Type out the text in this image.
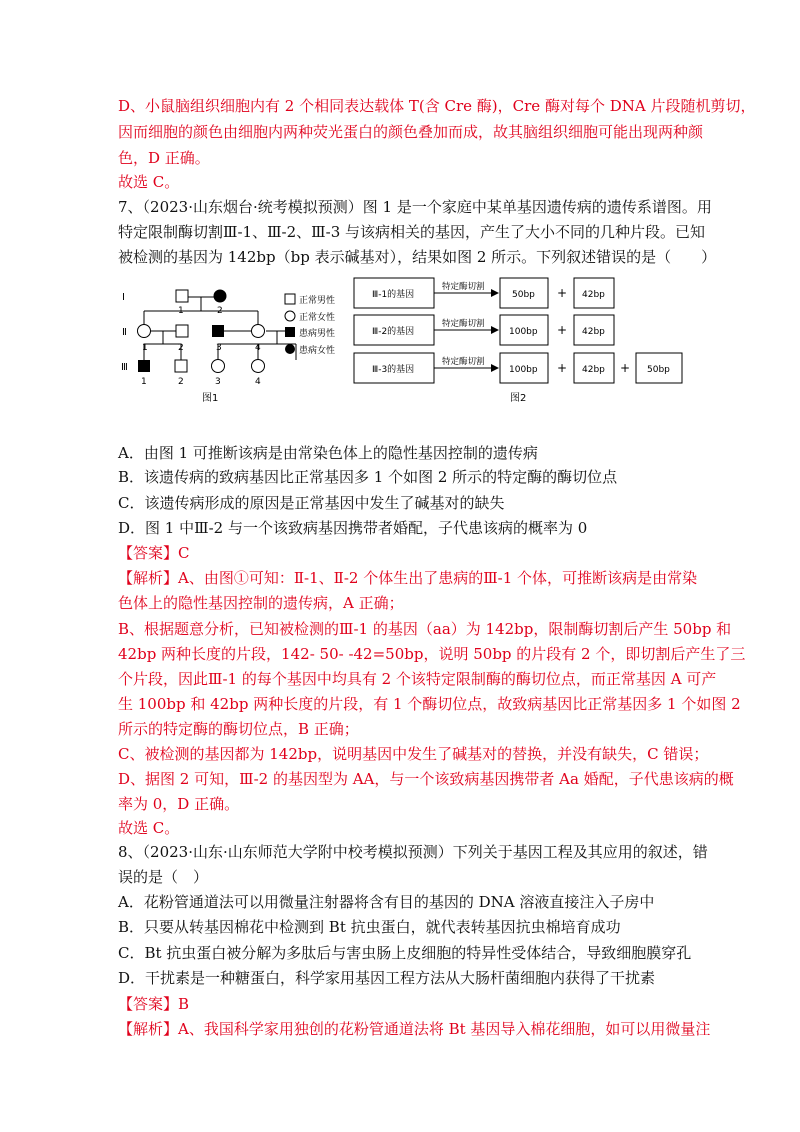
D、小鼠脑组织细胞内有 2 个相同表达载体 T(含 Cre 酶)，Cre 酶对每个 DNA 片段随机剪切，
因而细胞的颜色由细胞内两种荧光蛋白的颜色叠加而成，故其脑组织细胞可能出现两种颜
色，D 正确。
故选 C。
7、（2023·山东烟台·统考模拟预测）图 1 是一个家庭中某单基因遗传病的遗传系谱图。用
特定限制酶切割Ⅲ-1、Ⅲ-2、Ⅲ-3 与该病相关的基因，产生了大小不同的几种片段。已知
被检测的基因为 142bp（bp 表示碱基对），结果如图 2 所示。下列叙述错误的是（　　）
Ⅰ
Ⅱ
Ⅲ
1	2
1	2	3	4
1	2	3	4
正常男性
正常女性
患病男性
患病女性
图1
Ⅲ-1的基因
特定酶切割
50bp + 42bp
Ⅲ-2的基因
特定酶切割
100bp + 42bp
Ⅲ-3的基因
特定酶切割
100bp + 42bp + 50bp
图2
A．由图 1 可推断该病是由常染色体上的隐性基因控制的遗传病
B．该遗传病的致病基因比正常基因多 1 个如图 2 所示的特定酶的酶切位点
C．该遗传病形成的原因是正常基因中发生了碱基对的缺失
D．图 1 中Ⅲ-2 与一个该致病基因携带者婚配，子代患该病的概率为 0
【答案】C
【解析】A、由图①可知：Ⅱ-1、Ⅱ-2 个体生出了患病的Ⅲ-1 个体，可推断该病是由常染
色体上的隐性基因控制的遗传病，A 正确；
B、根据题意分析，已知被检测的Ⅲ-1 的基因（aa）为 142bp，限制酶切割后产生 50bp 和
42bp 两种长度的片段，142- 50- -42=50bp，说明 50bp 的片段有 2 个，即切割后产生了三
个片段，因此Ⅲ-1 的每个基因中均具有 2 个该特定限制酶的酶切位点，而正常基因 A 可产
生 100bp 和 42bp 两种长度的片段，有 1 个酶切位点，故致病基因比正常基因多 1 个如图 2
所示的特定酶的酶切位点，B 正确；
C、被检测的基因都为 142bp，说明基因中发生了碱基对的替换，并没有缺失，C 错误；
D、据图 2 可知，Ⅲ-2 的基因型为 AA，与一个该致病基因携带者 Aa 婚配，子代患该病的概
率为 0，D 正确。
故选 C。
8、（2023·山东·山东师范大学附中校考模拟预测）下列关于基因工程及其应用的叙述，错
误的是（　）
A．花粉管通道法可以用微量注射器将含有目的基因的 DNA 溶液直接注入子房中
B．只要从转基因棉花中检测到 Bt 抗虫蛋白，就代表转基因抗虫棉培育成功
C．Bt 抗虫蛋白被分解为多肽后与害虫肠上皮细胞的特异性受体结合，导致细胞膜穿孔
D．干扰素是一种糖蛋白，科学家用基因工程方法从大肠杆菌细胞内获得了干扰素
【答案】B
【解析】A、我国科学家用独创的花粉管通道法将 Bt 基因导入棉花细胞，如可以用微量注
